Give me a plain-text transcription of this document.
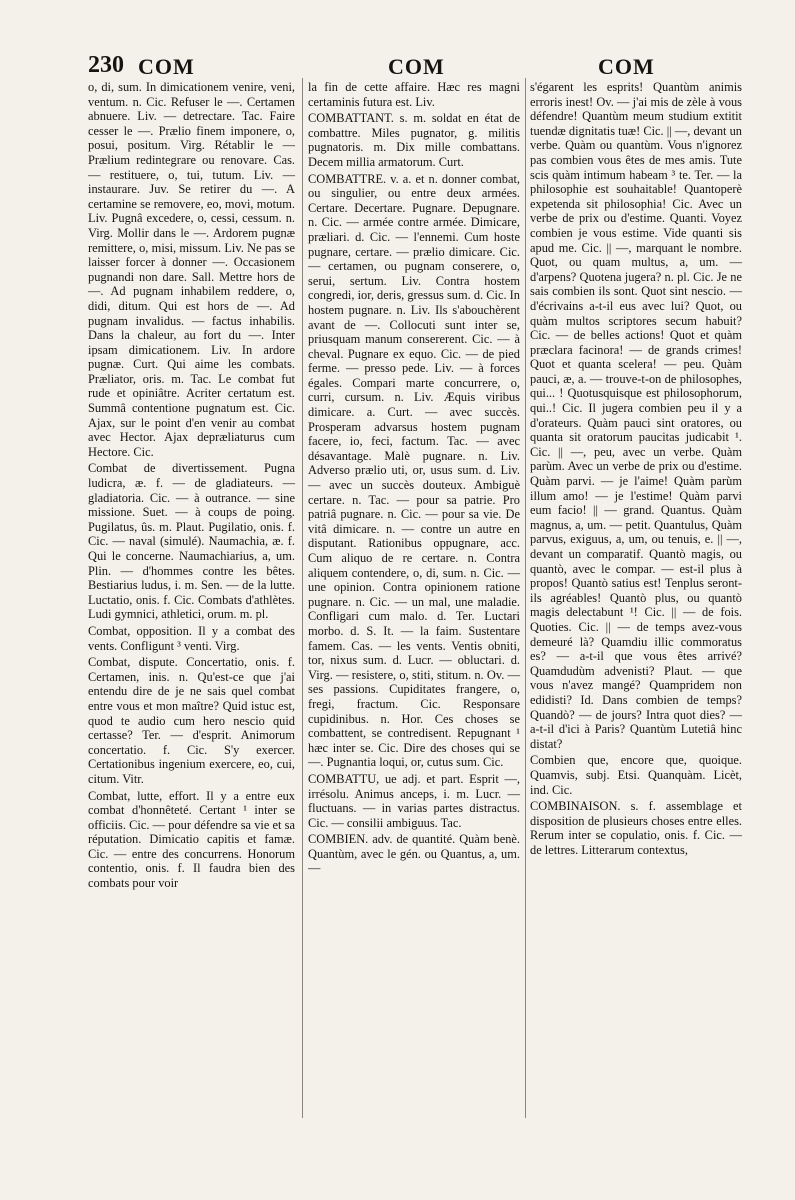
230 COM	COM	COM

o, di, sum. In dimicationem venire, veni, ventum. n. Cic. Refuser le —. Certamen abnuere. Liv. — detrectare. Tac. Faire cesser le —. Prælio finem imponere, o, posui, positum. Virg. Rétablir le — Prælium redintegrare ou renovare. Cas. — restituere, o, tui, tutum. Liv. — instaurare. Juv. Se retirer du —. A certamine se removere, eo, movi, motum. Liv. Pugnâ excedere, o, cessi, cessum. n. Virg. Mollir dans le —. Ardorem pugnæ remittere, o, misi, missum. Liv. Ne pas se laisser forcer à donner —. Occasionem pugnandi non dare. Sall. Mettre hors de —. Ad pugnam inhabilem reddere, o, didi, ditum. Qui est hors de —. Ad pugnam invalidus. — factus inhabilis. Dans la chaleur, au fort du —. Inter ipsam dimicationem. Liv. In ardore pugnæ. Curt. Qui aime les combats. Præliator, oris. m. Tac. Le combat fut rude et opiniâtre. Acriter certatum est. Summâ contentione pugnatum est. Cic. Ajax, sur le point d'en venir au combat avec Hector. Ajax depræliaturus cum Hectore. Cic.

Combat de divertissement. Pugna ludicra, æ. f. — de gladiateurs. — gladiatoria. Cic. — à outrance. — sine missione. Suet. — à coups de poing. Pugilatus, ûs. m. Plaut. Pugilatio, onis. f. Cic. — naval (simulé). Naumachia, æ. f. Qui le concerne. Naumachiarius, a, um. Plin. — d'hommes contre les bêtes. Bestiarius ludus, i. m. Sen. — de la lutte. Luctatio, onis. f. Cic. Combats d'athlètes. Ludi gymnici, athletici, orum. m. pl.

Combat, opposition. Il y a combat des vents. Confligunt ³ venti. Virg.

Combat, dispute. Concertatio, onis. f. Certamen, inis. n. Qu'est-ce que j'ai entendu dire de je ne sais quel combat entre vous et mon maître? Quid istuc est, quod te audio cum hero nescio quid certasse? Ter. — d'esprit. Animorum concertatio. f. Cic. S'y exercer. Certationibus ingenium exercere, eo, cui, citum. Vitr.

Combat, lutte, effort. Il y a entre eux combat d'honnêteté. Certant ¹ inter se officiis. Cic. — pour défendre sa vie et sa réputation. Dimicatio capitis et famæ. Cic. — entre des concurrens. Honorum contentio, onis. f. Il faudra bien des combats pour voir

la fin de cette affaire. Hæc res magni certaminis futura est. Liv.

COMBATTANT. s. m. soldat en état de combattre. Miles pugnator, g. militis pugnatoris. m. Dix mille combattans. Decem millia armatorum. Curt.

COMBATTRE. v. a. et n. donner combat, ou singulier, ou entre deux armées. Certare. Decertare. Pugnare. Depugnare. n. Cic. — armée contre armée. Dimicare, præliari. d. Cic. — l'ennemi. Cum hoste pugnare, certare. — prælio dimicare. Cic. — certamen, ou pugnam conserere, o, serui, sertum. Liv. Contra hostem congredi, ior, deris, gressus sum. d. Cic. In hostem pugnare. n. Liv. Ils s'abouchèrent avant de —. Collocuti sunt inter se, priusquam manum consererent. Cic. — à cheval. Pugnare ex equo. Cic. — de pied ferme. — presso pede. Liv. — à forces égales. Compari marte concurrere, o, curri, cursum. n. Liv. Æquis viribus dimicare. a. Curt. — avec succès. Prosperam advarsus hostem pugnam facere, io, feci, factum. Tac. — avec désavantage. Malè pugnare. n. Liv. Adverso prælio uti, or, usus sum. d. Liv. — avec un succès douteux. Ambiguè certare. n. Tac. — pour sa patrie. Pro patriâ pugnare. n. Cic. — pour sa vie. De vitâ dimicare. n. — contre un autre en disputant. Rationibus oppugnare, acc. Cum aliquo de re certare. n. Contra aliquem contendere, o, di, sum. n. Cic. — une opinion. Contra opinionem ratione pugnare. n. Cic. — un mal, une maladie. Confligari cum malo. d. Ter. Luctari morbo. d. S. It. — la faim. Sustentare famem. Cas. — les vents. Ventis obniti, tor, nixus sum. d. Lucr. — obluctari. d. Virg. — resistere, o, stiti, stitum. n. Ov. — ses passions. Cupiditates frangere, o, fregi, fractum. Cic. Responsare cupidinibus. n. Hor. Ces choses se combattent, se contredisent. Repugnant ¹ hæc inter se. Cic. Dire des choses qui se —. Pugnantia loqui, or, cutus sum. Cic.

COMBATTU, ue adj. et part. Esprit —, irrésolu. Animus anceps, i. m. Lucr. — fluctuans. — in varias partes distractus. Cic. — consilii ambiguus. Tac.

COMBIEN. adv. de quantité. Quàm benè. Quantùm, avec le gén. ou Quantus, a, um. —

s'égarent les esprits! Quantùm animis erroris inest! Ov. — j'ai mis de zèle à vous défendre! Quantùm meum studium extitit tuendæ dignitatis tuæ! Cic. || —, devant un verbe. Quàm ou quantùm. Vous n'ignorez pas combien vous êtes de mes amis. Tute scis quàm intimum habeam ³ te. Ter. — la philosophie est souhaitable! Quantoperè expetenda sit philosophia! Cic. Avec un verbe de prix ou d'estime. Quanti. Voyez combien je vous estime. Vide quanti sis apud me. Cic. || —, marquant le nombre. Quot, ou quam multus, a, um. — d'arpens? Quotena jugera? n. pl. Cic. Je ne sais combien ils sont. Quot sint nescio. — d'écrivains a-t-il eus avec lui? Quot, ou quàm multos scriptores secum habuit? Cic. — de belles actions! Quot et quàm præclara facinora! — de grands crimes! Quot et quanta scelera! — peu. Quàm pauci, æ, a. — trouve-t-on de philosophes, qui... ! Quotusquisque est philosophorum, qui..! Cic. Il jugera combien peu il y a d'orateurs. Quàm pauci sint oratores, ou quanta sit oratorum paucitas judicabit ¹. Cic. || —, peu, avec un verbe. Quàm parùm. Avec un verbe de prix ou d'estime. Quàm parvi. — je l'aime! Quàm parùm illum amo! — je l'estime! Quàm parvi eum facio! || — grand. Quantus. Quàm magnus, a, um. — petit. Quantulus, Quàm parvus, exiguus, a, um, ou tenuis, e. || —, devant un comparatif. Quantò magis, ou quantò, avec le compar. — est-il plus à propos! Quantò satius est! Tenplus seront-ils agréables! Quantò plus, ou quantò magis delectabunt ¹! Cic. || — de fois. Quoties. Cic. || — de temps avez-vous demeuré là? Quamdiu illic commoratus es? — a-t-il que vous êtes arrivé? Quamdudùm advenisti? Plaut. — que vous n'avez mangé? Quampridem non edidisti? Id. Dans combien de temps? Quandò? — de jours? Intra quot dies? — a-t-il d'ici à Paris? Quantùm Lutetiâ hinc distat?

Combien que, encore que, quoique. Quamvis, subj. Etsi. Quanquàm. Licèt, ind. Cic.

COMBINAISON. s. f. assemblage et disposition de plusieurs choses entre elles. Rerum inter se copulatio, onis. f. Cic. — de lettres. Litterarum contextus,
